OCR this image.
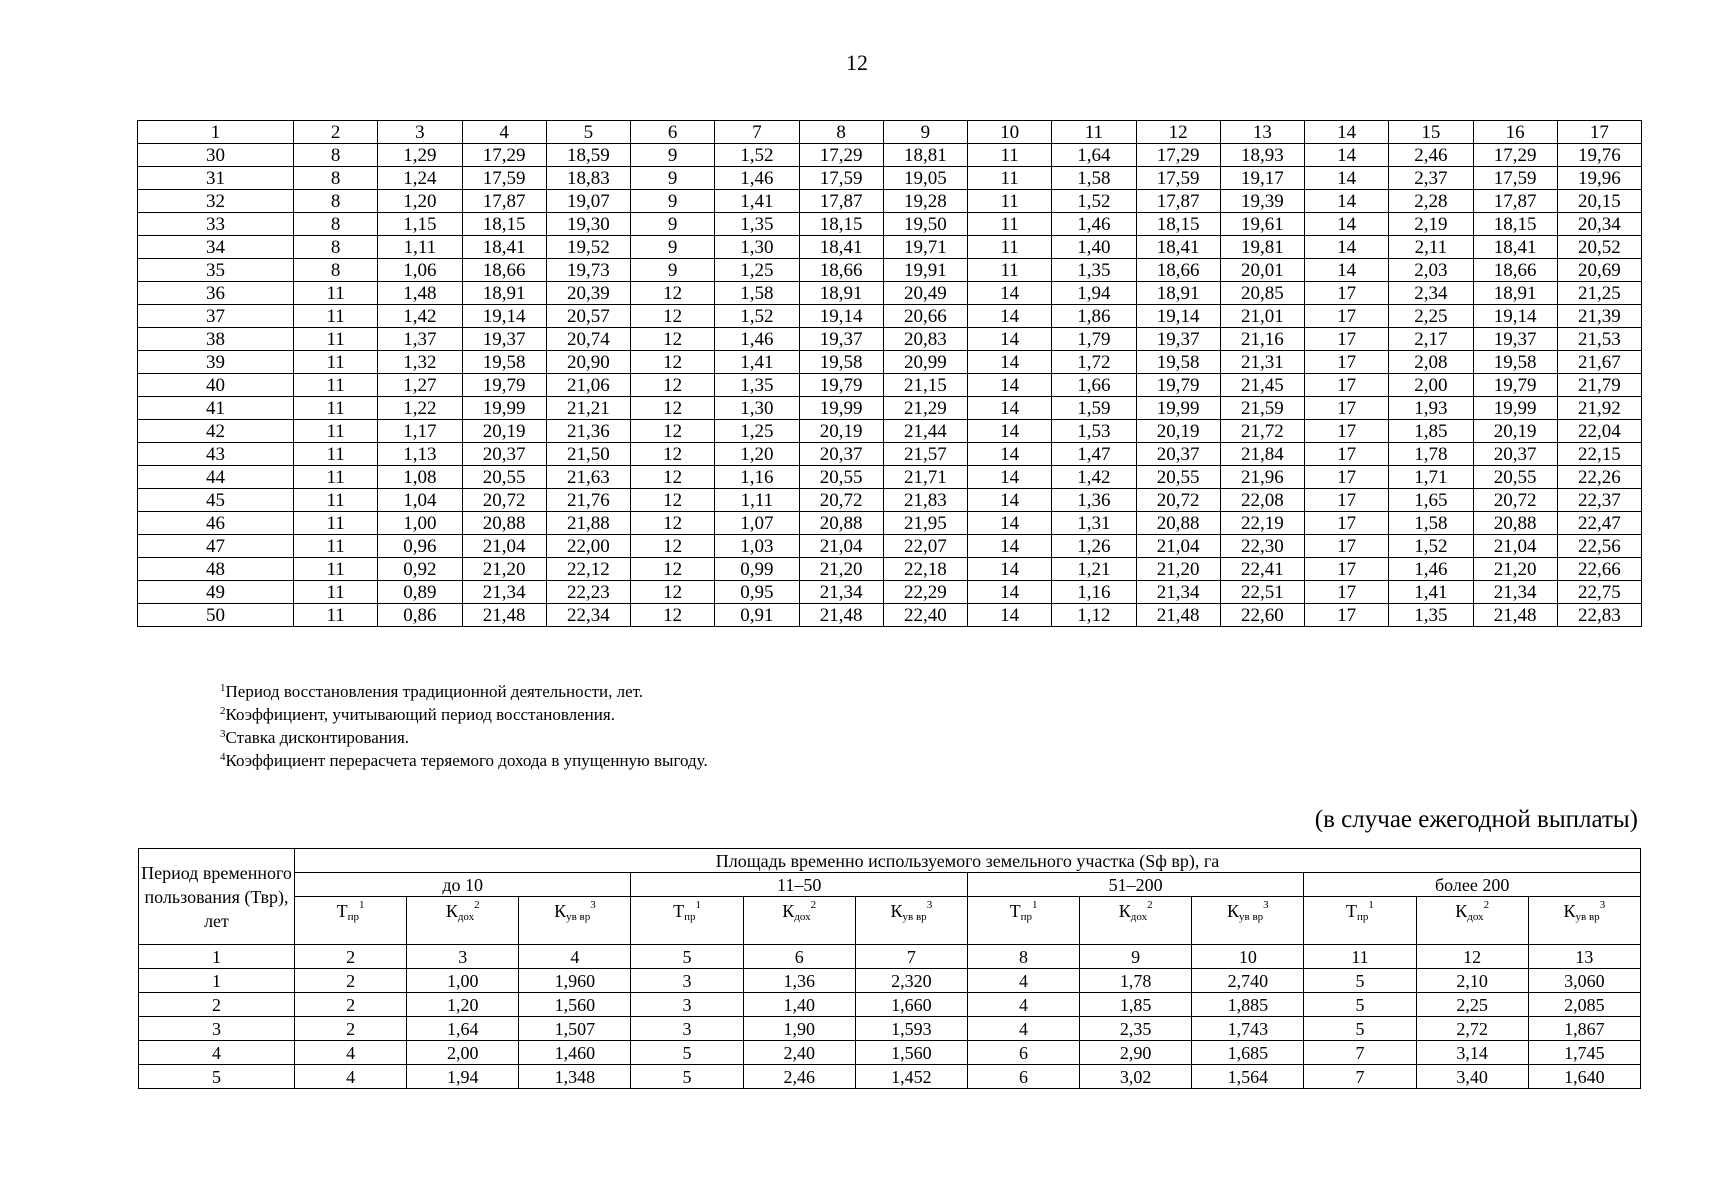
12
1	2	3	4	5	6	7	8	9	10	11	12	13	14	15	16	17
30	8	1,29	17,29	18,59	9	1,52	17,29	18,81	11	1,64	17,29	18,93	14	2,46	17,29	19,76
31	8	1,24	17,59	18,83	9	1,46	17,59	19,05	11	1,58	17,59	19,17	14	2,37	17,59	19,96
32	8	1,20	17,87	19,07	9	1,41	17,87	19,28	11	1,52	17,87	19,39	14	2,28	17,87	20,15
33	8	1,15	18,15	19,30	9	1,35	18,15	19,50	11	1,46	18,15	19,61	14	2,19	18,15	20,34
34	8	1,11	18,41	19,52	9	1,30	18,41	19,71	11	1,40	18,41	19,81	14	2,11	18,41	20,52
35	8	1,06	18,66	19,73	9	1,25	18,66	19,91	11	1,35	18,66	20,01	14	2,03	18,66	20,69
36	11	1,48	18,91	20,39	12	1,58	18,91	20,49	14	1,94	18,91	20,85	17	2,34	18,91	21,25
37	11	1,42	19,14	20,57	12	1,52	19,14	20,66	14	1,86	19,14	21,01	17	2,25	19,14	21,39
38	11	1,37	19,37	20,74	12	1,46	19,37	20,83	14	1,79	19,37	21,16	17	2,17	19,37	21,53
39	11	1,32	19,58	20,90	12	1,41	19,58	20,99	14	1,72	19,58	21,31	17	2,08	19,58	21,67
40	11	1,27	19,79	21,06	12	1,35	19,79	21,15	14	1,66	19,79	21,45	17	2,00	19,79	21,79
41	11	1,22	19,99	21,21	12	1,30	19,99	21,29	14	1,59	19,99	21,59	17	1,93	19,99	21,92
42	11	1,17	20,19	21,36	12	1,25	20,19	21,44	14	1,53	20,19	21,72	17	1,85	20,19	22,04
43	11	1,13	20,37	21,50	12	1,20	20,37	21,57	14	1,47	20,37	21,84	17	1,78	20,37	22,15
44	11	1,08	20,55	21,63	12	1,16	20,55	21,71	14	1,42	20,55	21,96	17	1,71	20,55	22,26
45	11	1,04	20,72	21,76	12	1,11	20,72	21,83	14	1,36	20,72	22,08	17	1,65	20,72	22,37
46	11	1,00	20,88	21,88	12	1,07	20,88	21,95	14	1,31	20,88	22,19	17	1,58	20,88	22,47
47	11	0,96	21,04	22,00	12	1,03	21,04	22,07	14	1,26	21,04	22,30	17	1,52	21,04	22,56
48	11	0,92	21,20	22,12	12	0,99	21,20	22,18	14	1,21	21,20	22,41	17	1,46	21,20	22,66
49	11	0,89	21,34	22,23	12	0,95	21,34	22,29	14	1,16	21,34	22,51	17	1,41	21,34	22,75
50	11	0,86	21,48	22,34	12	0,91	21,48	22,40	14	1,12	21,48	22,60	17	1,35	21,48	22,83
$^1$Период восстановления традиционной деятельности, лет.
$^2$Коэффициент, учитывающий период восстановления.
$^3$Ставка дисконтирования.
$^4$Коэффициент перерасчета теряемого дохода в упущенную выгоду.
(в случае ежегодной выплаты)
Период временного пользования (Твр), лет	Площадь временно используемого земельного участка (Sф вр), га											
	до 10			11–50			51–200			более 200		
	$Т_{пр}^1$	$К_{дох}^2$	$К_{ув вр}^3$	$Т_{пр}^1$	$К_{дох}^2$	$К_{ув вр}^3$	$Т_{пр}^1$	$К_{дох}^2$	$К_{ув вр}^3$	$Т_{пр}^1$	$К_{дох}^2$	$К_{ув вр}^3$
1	2	3	4	5	6	7	8	9	10	11	12	13
1	2	1,00	1,960	3	1,36	2,320	4	1,78	2,740	5	2,10	3,060
2	2	1,20	1,560	3	1,40	1,660	4	1,85	1,885	5	2,25	2,085
3	2	1,64	1,507	3	1,90	1,593	4	2,35	1,743	5	2,72	1,867
4	4	2,00	1,460	5	2,40	1,560	6	2,90	1,685	7	3,14	1,745
5	4	1,94	1,348	5	2,46	1,452	6	3,02	1,564	7	3,40	1,640
